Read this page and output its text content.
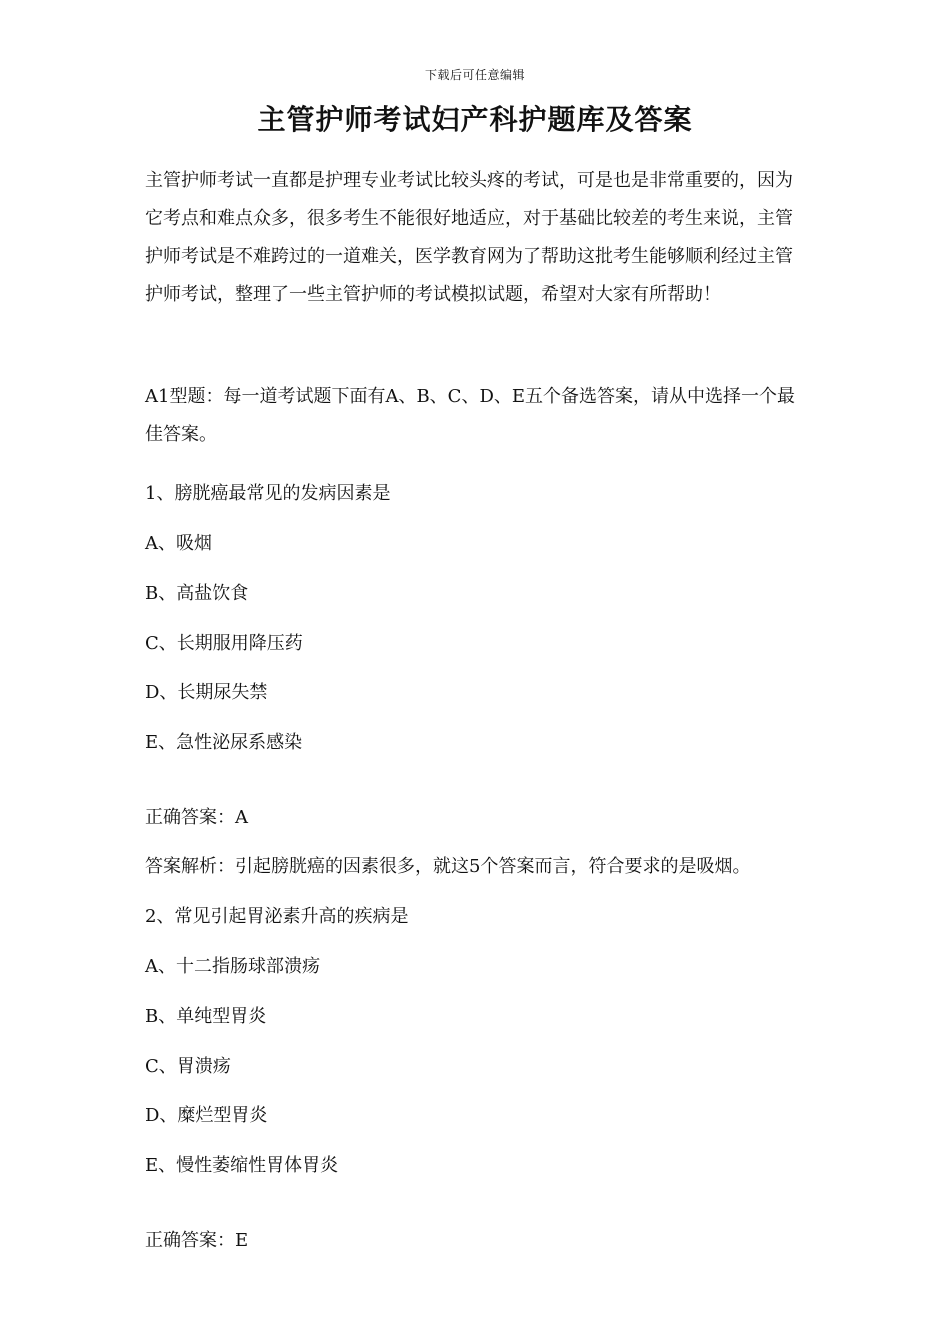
下载后可任意编辑
主管护师考试妇产科护题库及答案
主管护师考试一直都是护理专业考试比较头疼的考试，可是也是非常重要的，因为它考点和难点众多，很多考生不能很好地适应，对于基础比较差的考生来说，主管护师考试是不难跨过的一道难关，医学教育网为了帮助这批考生能够顺利经过主管护师考试，整理了一些主管护师的考试模拟试题，希望对大家有所帮助！
A1型题：每一道考试题下面有A、B、C、D、E五个备选答案，请从中选择一个最佳答案。
1、膀胱癌最常见的发病因素是
A、吸烟
B、高盐饮食
C、长期服用降压药
D、长期尿失禁
E、急性泌尿系感染
正确答案：A
答案解析：引起膀胱癌的因素很多，就这5个答案而言，符合要求的是吸烟。
2、常见引起胃泌素升高的疾病是
A、十二指肠球部溃疡
B、单纯型胃炎
C、胃溃疡
D、糜烂型胃炎
E、慢性萎缩性胃体胃炎
正确答案：E
